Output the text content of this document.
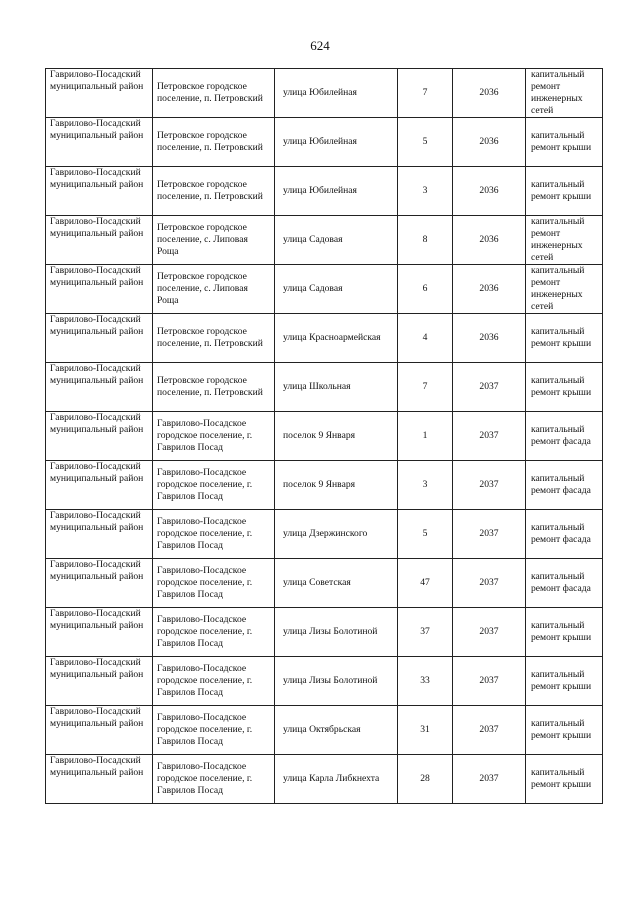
624
Гаврилово-Посадский муниципальный район	Петровское городское поселение, п. Петровский	улица Юбилейная	7	2036	капитальный ремонт инженерных сетей
Гаврилово-Посадский муниципальный район	Петровское городское поселение, п. Петровский	улица Юбилейная	5	2036	капитальный ремонт крыши
Гаврилово-Посадский муниципальный район	Петровское городское поселение, п. Петровский	улица Юбилейная	3	2036	капитальный ремонт крыши
Гаврилово-Посадский муниципальный район	Петровское городское поселение, с. Липовая Роща	улица Садовая	8	2036	капитальный ремонт инженерных сетей
Гаврилово-Посадский муниципальный район	Петровское городское поселение, с. Липовая Роща	улица Садовая	6	2036	капитальный ремонт инженерных сетей
Гаврилово-Посадский муниципальный район	Петровское городское поселение, п. Петровский	улица Красноармейская	4	2036	капитальный ремонт крыши
Гаврилово-Посадский муниципальный район	Петровское городское поселение, п. Петровский	улица Школьная	7	2037	капитальный ремонт крыши
Гаврилово-Посадский муниципальный район	Гаврилово-Посадское городское поселение, г. Гаврилов Посад	поселок 9 Января	1	2037	капитальный ремонт фасада
Гаврилово-Посадский муниципальный район	Гаврилово-Посадское городское поселение, г. Гаврилов Посад	поселок 9 Января	3	2037	капитальный ремонт фасада
Гаврилово-Посадский муниципальный район	Гаврилово-Посадское городское поселение, г. Гаврилов Посад	улица Дзержинского	5	2037	капитальный ремонт фасада
Гаврилово-Посадский муниципальный район	Гаврилово-Посадское городское поселение, г. Гаврилов Посад	улица Советская	47	2037	капитальный ремонт фасада
Гаврилово-Посадский муниципальный район	Гаврилово-Посадское городское поселение, г. Гаврилов Посад	улица Лизы Болотиной	37	2037	капитальный ремонт крыши
Гаврилово-Посадский муниципальный район	Гаврилово-Посадское городское поселение, г. Гаврилов Посад	улица Лизы Болотиной	33	2037	капитальный ремонт крыши
Гаврилово-Посадский муниципальный район	Гаврилово-Посадское городское поселение, г. Гаврилов Посад	улица Октябрьская	31	2037	капитальный ремонт крыши
Гаврилово-Посадский муниципальный район	Гаврилово-Посадское городское поселение, г. Гаврилов Посад	улица Карла Либкнехта	28	2037	капитальный ремонт крыши
